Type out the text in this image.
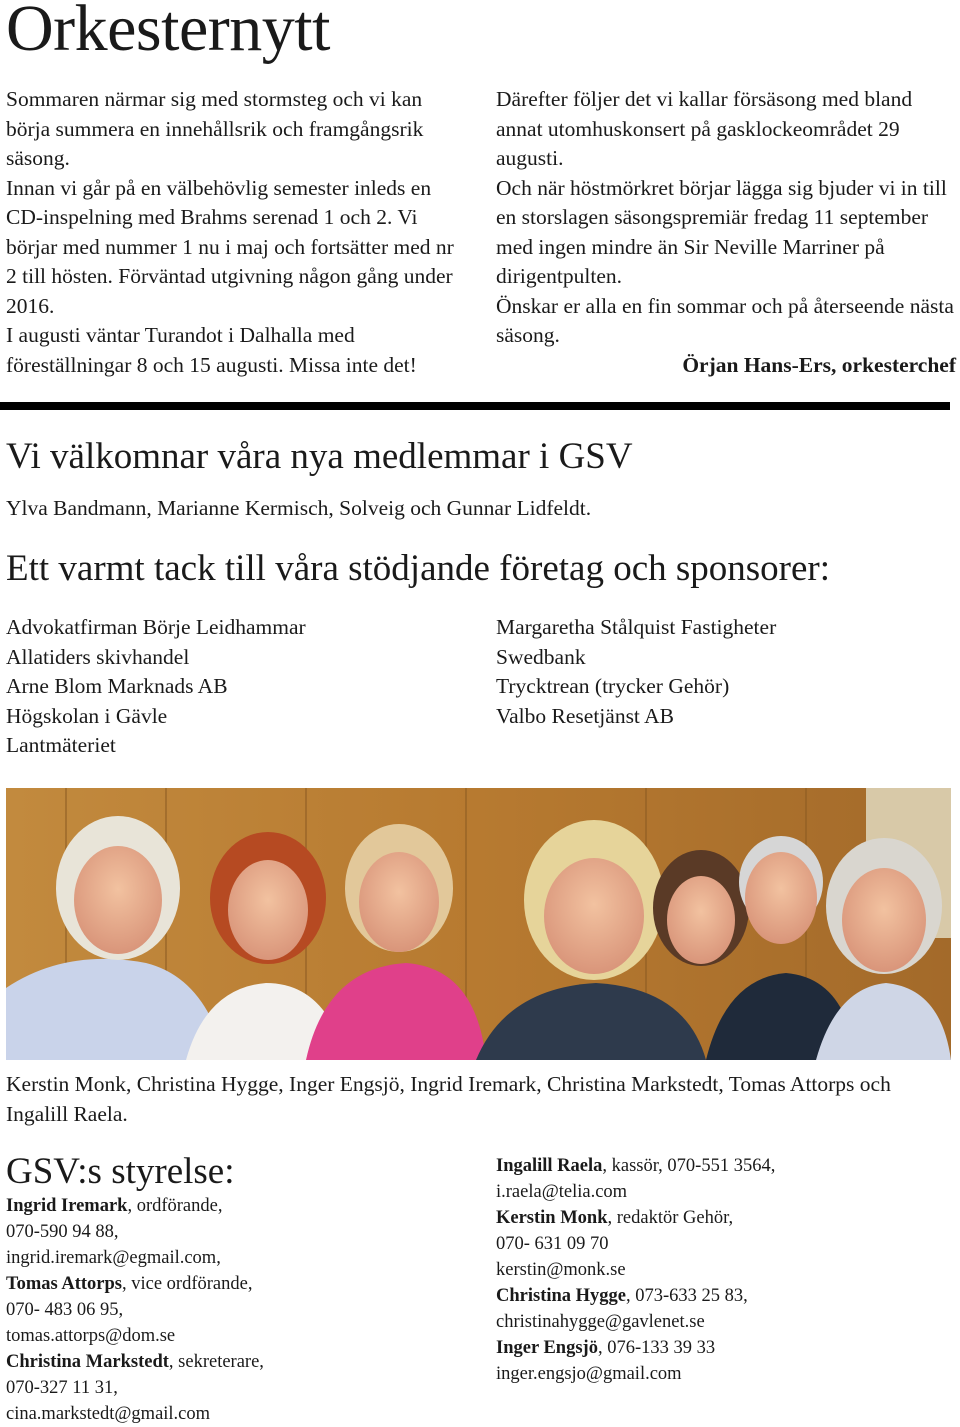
Orkesternytt

Sommaren närmar sig med stormsteg och vi kan börja summera en innehållsrik och framgångsrik säsong.

Innan vi går på en välbehövlig semester inleds en CD-inspelning med Brahms serenad 1 och 2. Vi börjar med nummer 1 nu i maj och fortsätter med nr 2 till hösten. Förväntad utgivning någon gång under 2016.

I augusti väntar Turandot i Dalhalla med föreställningar 8 och 15 augusti. Missa inte det!

Därefter följer det vi kallar försäsong med bland annat utomhuskonsert på gasklockeområdet 29 augusti.

Och när höstmörkret börjar lägga sig bjuder vi in till en storslagen säsongspremiär fredag 11 september med ingen mindre än Sir Neville Marriner på dirigentpulten.

Önskar er alla en fin sommar och på återseende nästa säsong.

Örjan Hans-Ers, orkesterchef

Vi välkomnar våra nya medlemmar i GSV
Ylva Bandmann, Marianne Kermisch, Solveig och Gunnar Lidfeldt.
Ett varmt tack till våra stödjande företag och sponsorer:
Advokatfirman Börje Leidhammar
Allatiders skivhandel
Arne Blom Marknads AB
Högskolan i Gävle
Lantmäteriet
Margaretha Stålquist Fastigheter
Swedbank
Trycktrean (trycker Gehör)
Valbo Resetjänst AB
Kerstin Monk, Christina Hygge, Inger Engsjö, Ingrid Iremark, Christina Markstedt, Tomas Attorps och Ingalill Raela.
GSV:s styrelse:

Ingrid Iremark, ordförande,

070-590 94 88,

ingrid.iremark@egmail.com,

Tomas Attorps, vice ordförande,

070- 483 06 95,

tomas.attorps@dom.se

Christina Markstedt, sekreterare,

070-327 11 31,

cina.markstedt@gmail.com

Ingalill Raela, kassör, 070-551 3564,

i.raela@telia.com

Kerstin Monk, redaktör Gehör,

070- 631 09 70

kerstin@monk.se

Christina Hygge, 073-633 25 83,

christinahygge@gavlenet.se

Inger Engsjö, 076-133 39 33

inger.engsjo@gmail.com
